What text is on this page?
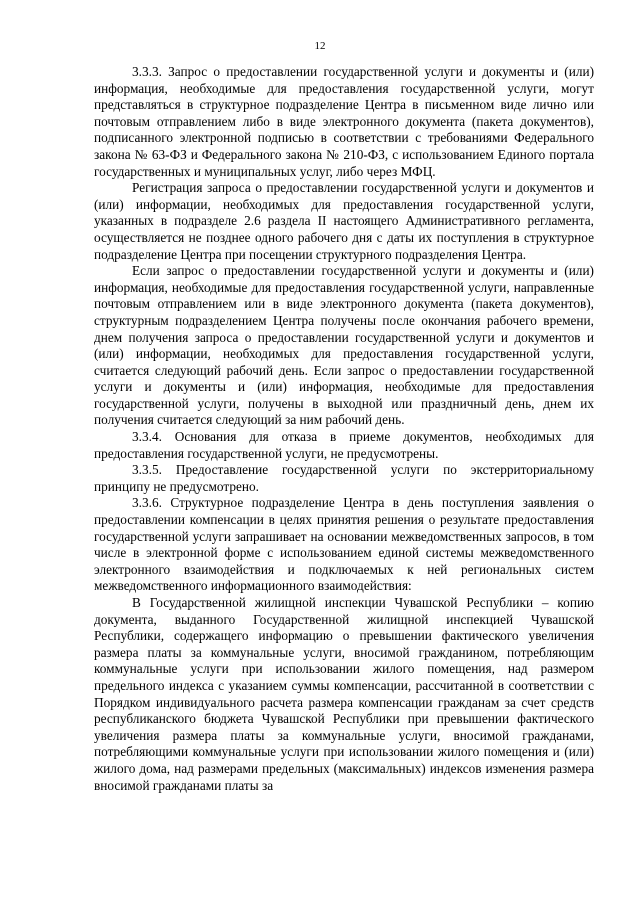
12

3.3.3. Запрос о предоставлении государственной услуги и документы и (или) информация, необходимые для предоставления государственной услуги, могут представляться в структурное подразделение Центра в письменном виде лично или почтовым отправлением либо в виде электронного документа (пакета документов), подписанного электронной подписью в соответствии с требованиями Федерального закона № 63-ФЗ и Федерального закона № 210-ФЗ, с использованием Единого портала государственных и муниципальных услуг, либо через МФЦ.

Регистрация запроса о предоставлении государственной услуги и документов и (или) информации, необходимых для предоставления государственной услуги, указанных в подразделе 2.6 раздела II настоящего Административного регламента, осуществляется не позднее одного рабочего дня с даты их поступления в структурное подразделение Центра при посещении структурного подразделения Центра.

Если запрос о предоставлении государственной услуги и документы и (или) информация, необходимые для предоставления государственной услуги, направленные почтовым отправлением или в виде электронного документа (пакета документов), структурным подразделением Центра получены после окончания рабочего времени, днем получения запроса о предоставлении государственной услуги и документов и (или) информации, необходимых для предоставления государственной услуги, считается следующий рабочий день. Если запрос о предоставлении государственной услуги и документы и (или) информация, необходимые для предоставления государственной услуги, получены в выходной или праздничный день, днем их получения считается следующий за ним рабочий день.

3.3.4. Основания для отказа в приеме документов, необходимых для предоставления государственной услуги, не предусмотрены.

3.3.5. Предоставление государственной услуги по экстерриториальному принципу не предусмотрено.

3.3.6. Структурное подразделение Центра в день поступления заявления о предоставлении компенсации в целях принятия решения о результате предоставления государственной услуги запрашивает на основании межведомственных запросов, в том числе в электронной форме с использованием единой системы межведомственного электронного взаимодействия и подключаемых к ней региональных систем межведомственного информационного взаимодействия:

В Государственной жилищной инспекции Чувашской Республики – копию документа, выданного Государственной жилищной инспекцией Чувашской Республики, содержащего информацию о превышении фактического увеличения размера платы за коммунальные услуги, вносимой гражданином, потребляющим коммунальные услуги при использовании жилого помещения, над размером предельного индекса с указанием суммы компенсации, рассчитанной в соответствии с Порядком индивидуального расчета размера компенсации гражданам за счет средств республиканского бюджета Чувашской Республики при превышении фактического увеличения размера платы за коммунальные услуги, вносимой гражданами, потребляющими коммунальные услуги при использовании жилого помещения и (или) жилого дома, над размерами предельных (максимальных) индексов изменения размера вносимой гражданами платы за
